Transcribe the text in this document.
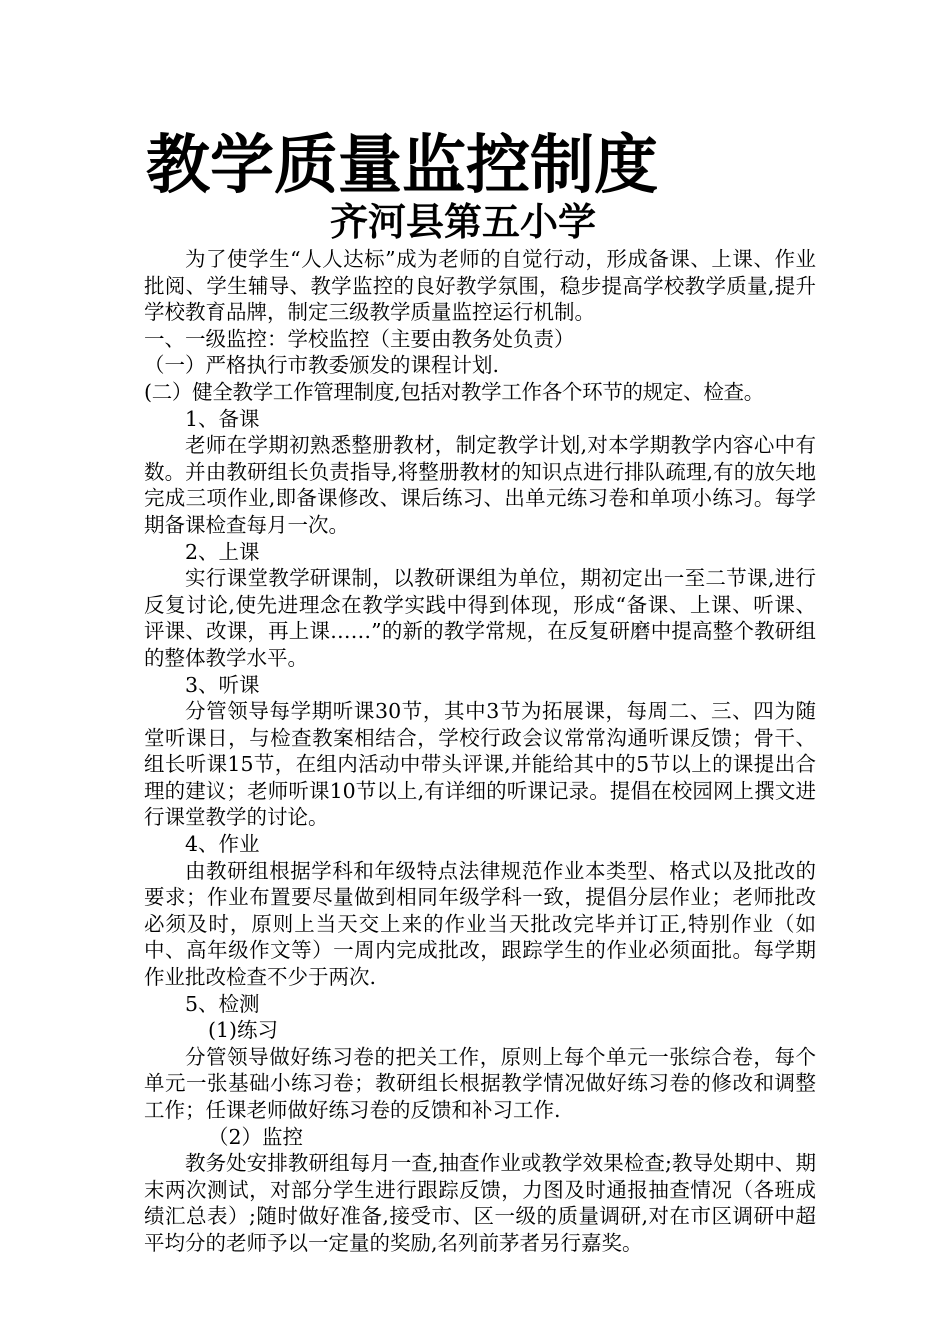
教学质量监控制度
齐河县第五小学

为了使学生“人人达标”成为老师的自觉行动，形成备课、上课、作业批阅、学生辅导、教学监控的良好教学氛围，稳步提高学校教学质量,提升学校教育品牌，制定三级教学质量监控运行机制。

一、一级监控：学校监控（主要由教务处负责）

（一）严格执行市教委颁发的课程计划.

(二）健全教学工作管理制度,包括对教学工作各个环节的规定、检查。

1、备课

老师在学期初熟悉整册教材，制定教学计划,对本学期教学内容心中有数。并由教研组长负责指导,将整册教材的知识点进行排队疏理,有的放矢地完成三项作业,即备课修改、课后练习、出单元练习卷和单项小练习。每学期备课检查每月一次。

2、上课

实行课堂教学研课制，以教研课组为单位，期初定出一至二节课,进行反复讨论,使先进理念在教学实践中得到体现，形成“备课、上课、听课、评课、改课，再上课……”的新的教学常规，在反复研磨中提高整个教研组的整体教学水平。

3、听课

分管领导每学期听课30节，其中3节为拓展课，每周二、三、四为随堂听课日，与检查教案相结合，学校行政会议常常沟通听课反馈；骨干、组长听课15节，在组内活动中带头评课,并能给其中的5节以上的课提出合理的建议；老师听课10节以上,有详细的听课记录。提倡在校园网上撰文进行课堂教学的讨论。

4、作业

由教研组根据学科和年级特点法律规范作业本类型、格式以及批改的要求；作业布置要尽量做到相同年级学科一致，提倡分层作业；老师批改必须及时，原则上当天交上来的作业当天批改完毕并订正,特别作业（如中、高年级作文等）一周内完成批改，跟踪学生的作业必须面批。每学期作业批改检查不少于两次.

5、检测

(1)练习

分管领导做好练习卷的把关工作，原则上每个单元一张综合卷，每个单元一张基础小练习卷；教研组长根据教学情况做好练习卷的修改和调整工作；任课老师做好练习卷的反馈和补习工作.

（2）监控

教务处安排教研组每月一查,抽查作业或教学效果检查;教导处期中、期末两次测试，对部分学生进行跟踪反馈，力图及时通报抽查情况（各班成绩汇总表）;随时做好准备,接受市、区一级的质量调研,对在市区调研中超平均分的老师予以一定量的奖励,名列前茅者另行嘉奖。
